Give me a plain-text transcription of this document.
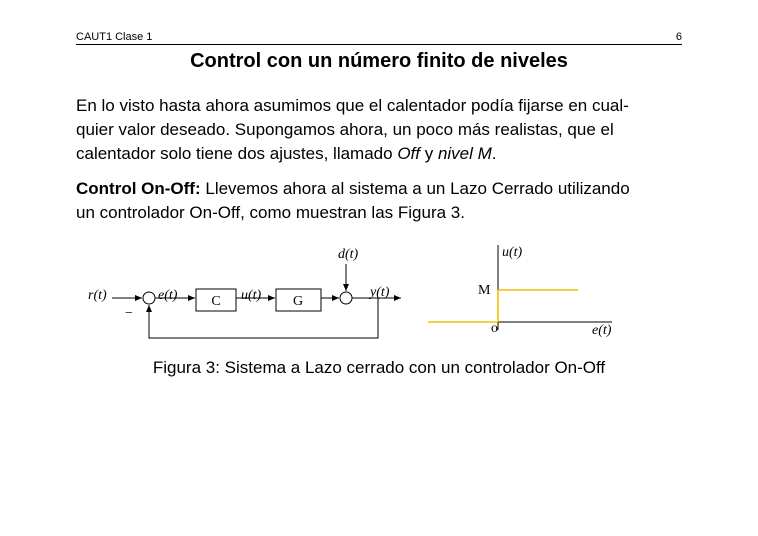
CAUT1 Clase 1	6
Control con un número finito de niveles
En lo visto hasta ahora asumimos que el calentador podía fijarse en cual-
quier valor deseado. Supongamos ahora, un poco más realistas, que el
calentador solo tiene dos ajustes, llamado Off y nivel M.
Control On-Off: Llevemos ahora al sistema a un Lazo Cerrado utilizando
un controlador On-Off, como muestran las Figura 3.
r(t)	e(t)	u(t)
d(t)
y(t)
−
C	G
u(t)
e(t)
M
o
Figura 3: Sistema a Lazo cerrado con un controlador On-Off
